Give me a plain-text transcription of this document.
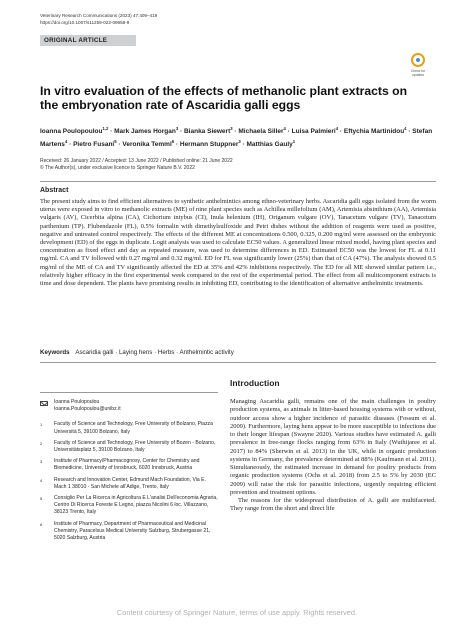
Veterinary Research Communications (2023) 47:409–419
https://doi.org/10.1007/s11259-022-09958-9
ORIGINAL ARTICLE
Check for
updates
In vitro evaluation of the effects of methanolic plant extracts on the embryonation rate of Ascaridia galli eggs
Ioanna Poulopoulou$^{1,2}$ · Mark James Horgan$^3$ · Bianka Siewert$^3$ · Michaela Siller$^4$ · Luisa Palmieri$^4$ · Eftychia Martinidou$^4$ · Stefan Martens$^4$ · Pietro Fusani$^5$ · Veronika Temml$^6$ · Hermann Stuppner$^3$ · Matthias Gauly$^1$
Received: 26 January 2022 / Accepted: 13 June 2022 / Published online: 21 June 2022
© The Author(s), under exclusive licence to Springer Nature B.V. 2022
Abstract
The present study aims to find efficient alternatives to synthetic anthelmintics among ethno-veterinary herbs. Ascaridia galli eggs isolated from the worm uterus were exposed in vitro to methanolic extracts (ME) of nine plant species such as Achillea millefolium (AM), Artemisia absinthium (AA), Artemisia vulgaris (AV), Cicerbita alpina (CA), Cichorium intybus (CI), Inula helenium (IH), Origanum vulgare (OV), Tanacetum vulgare (TV), Tanacetum parthenium (TP). Flubendazole (FL), 0.5% formalin with dimethylsulfoxide and Petri dishes without the addition of reagents were used as positive, negative and untreated control respectively. The effects of the different ME at concentrations 0.500, 0.325, 0.200 mg/ml were assessed on the embryonic development (ED) of the eggs in duplicate. Logit analysis was used to calculate EC50 values. A generalized linear mixed model, having plant species and concentration as fixed effect and day as repeated measure, was used to determine differences in ED. Estimated EC50 was the lowest for FL at 0.11 mg/ml. CA and TV followed with 0.27 mg/ml and 0.32 mg/ml. ED for FL was significantly lower (25%) than that of CA (47%). The analysis showed 0.5 mg/ml of the ME of CA and TV significantly affected the ED at 35% and 42% inhibitions respectively. The ED for all ME showed similar pattern i.e., relatively higher efficacy in the first experimental week compared to the rest of the experimental period. The effect from all multicomponent extracts is time and dose dependent. The plants have promising results in inhibiting ED, contributing to the identification of alternative anthelmintic treatments.
Keywords Ascaridia galli · Laying hens · Herbs · Anthelmintic activity
Ioanna Poulopoulou
Ioanna.Poulopoulou@unibz.it
1	Faculty of Science and Technology, Free University of Bolzano, Piazza Università 5, 39100 Bolzano, Italy
2	Faculty of Science and Technology, Free University of Bozen - Bolzano, Universitätsplatz 5, 39100 Bolzano, Italy
3	Institute of Pharmacy/Pharmacognosy, Center for Chemistry and Biomedicine, University of Innsbruck, 6020 Innsbruck, Austria
4	Research and Innovation Center, Edmund Mach Foundation, Via E. Mach 1 38010 - San Michele all'Adige, Trento, Italy
5	Consiglio Per La Ricerca in Agricoltura E L'analisi Dell'economia Agraria, Centro Di Ricerca Foreste E Legno, piazza Nicolini 6 loc. Villazzano, 38123 Trento, Italy
6	Institute of Pharmacy, Department of Pharmaceutical and Medicinal Chemistry, Paracelsus Medical University Salzburg, Strubergasse 21, 5020 Salzburg, Austria
Introduction

Managing Ascaridia galli, remains one of the main challenges in poultry production systems, as animals in litter-based housing systems with or without, outdoor access show a higher incidence of parasitic diseases (Fossum et al. 2009). Furthermore, laying hens appear to be more susceptible to infections due to their longer lifespan (Swayne 2020). Various studies have estimated A. galli prevalence in free-range flocks ranging from 63% in Italy (Wuthijaree et al. 2017) to 84% (Sherwin et al. 2013) in the UK, while in organic production systems in Germany, the prevalence determined at 88% (Kaufmann et al. 2011). Simultaneously, the estimated increase in demand for poultry products from organic production systems (Ochs et al. 2018) from 2.5 to 5% by 2030 (EC 2009) will raise the risk for parasitic infections, urgently requiring efficient prevention and treatment options.

The reasons for the widespread distribution of A. galli are multifaceted. They range from the short and direct life

Content courtesy of Springer Nature, terms of use apply. Rights reserved.
